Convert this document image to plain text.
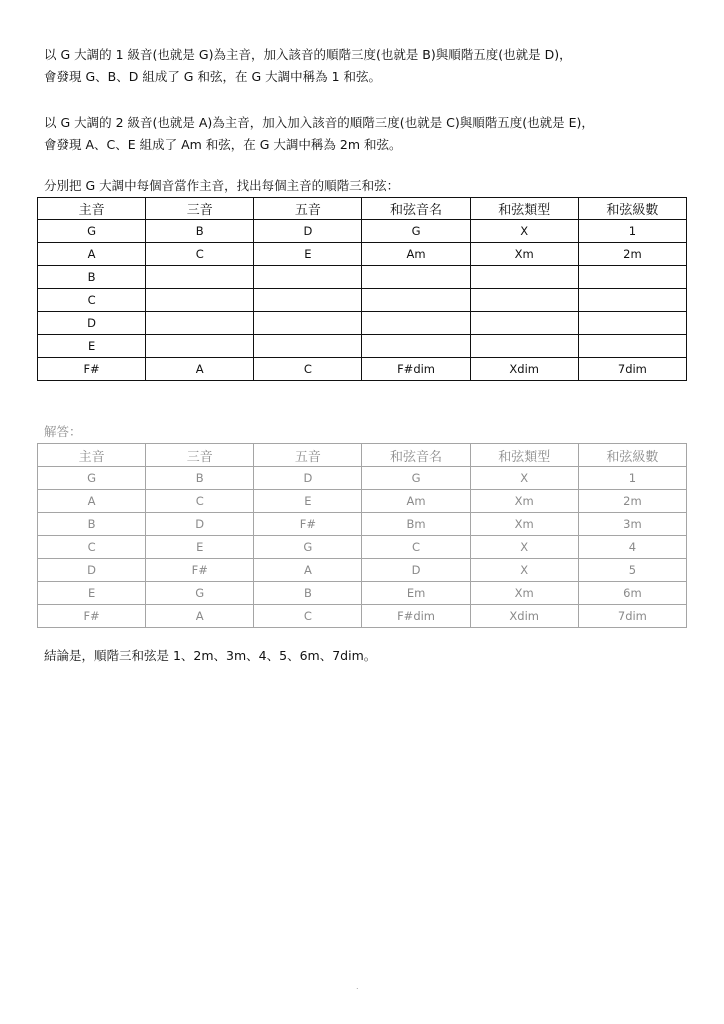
以 G 大調的 1 級音(也就是 G)為主音，加入該音的順階三度(也就是 B)與順階五度(也就是 D)，

會發現 G、B、D 組成了 G 和弦，在 G 大調中稱為 1 和弦。

以 G 大調的 2 級音(也就是 A)為主音，加入加入該音的順階三度(也就是 C)與順階五度(也就是 E)，

會發現 A、C、E 組成了 Am 和弦，在 G 大調中稱為 2m 和弦。

分別把 G 大調中每個音當作主音，找出每個主音的順階三和弦：
主音	三音	五音	和弦音名	和弦類型	和弦級數
G	B	D	G	X	1
A	C	E	Am	Xm	2m
B					
C					
D					
E					
F#	A	C	F#dim	Xdim	7dim
解答：
主音	三音	五音	和弦音名	和弦類型	和弦級數
G	B	D	G	X	1
A	C	E	Am	Xm	2m
B	D	F#	Bm	Xm	3m
C	E	G	C	X	4
D	F#	A	D	X	5
E	G	B	Em	Xm	6m
F#	A	C	F#dim	Xdim	7dim
結論是，順階三和弦是 1、2m、3m、4、5、6m、7dim。
.
